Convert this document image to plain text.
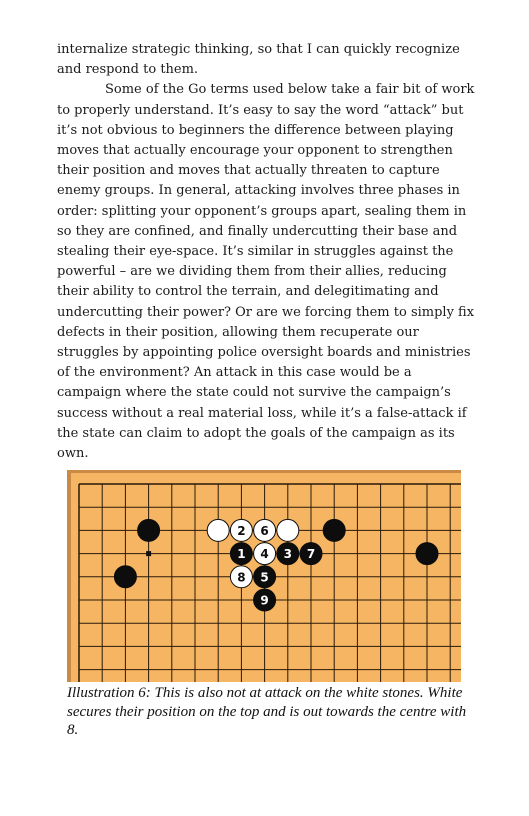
internalize strategic thinking, so that I can quickly recognize and respond to them.

Some of the Go terms used below take a fair bit of work to properly understand. It’s easy to say the word “attack” but it’s not obvious to beginners the difference between playing moves that actually encourage your opponent to strengthen their position and moves that actually threaten to capture enemy groups. In general, attacking involves three phases in order: splitting your opponent’s groups apart, sealing them in so they are confined, and finally undercutting their base and stealing their eye-space. It’s similar in struggles against the powerful – are we dividing them from their allies, reducing their ability to control the terrain, and delegitimating and undercutting their power? Or are we forcing them to simply fix defects in their position, allowing them recuperate our struggles by appointing police oversight boards and ministries of the environment? An attack in this case would be a campaign where the state could not survive the campaign’s success without a real material loss, while it’s a false-attack if the state can claim to adopt the goals of the campaign as its own.

2 6
1 4 3 7
8 5
9
Illustration 6: This is also not at attack on the white stones. White secures their position on the top and is out towards the centre with 8.
